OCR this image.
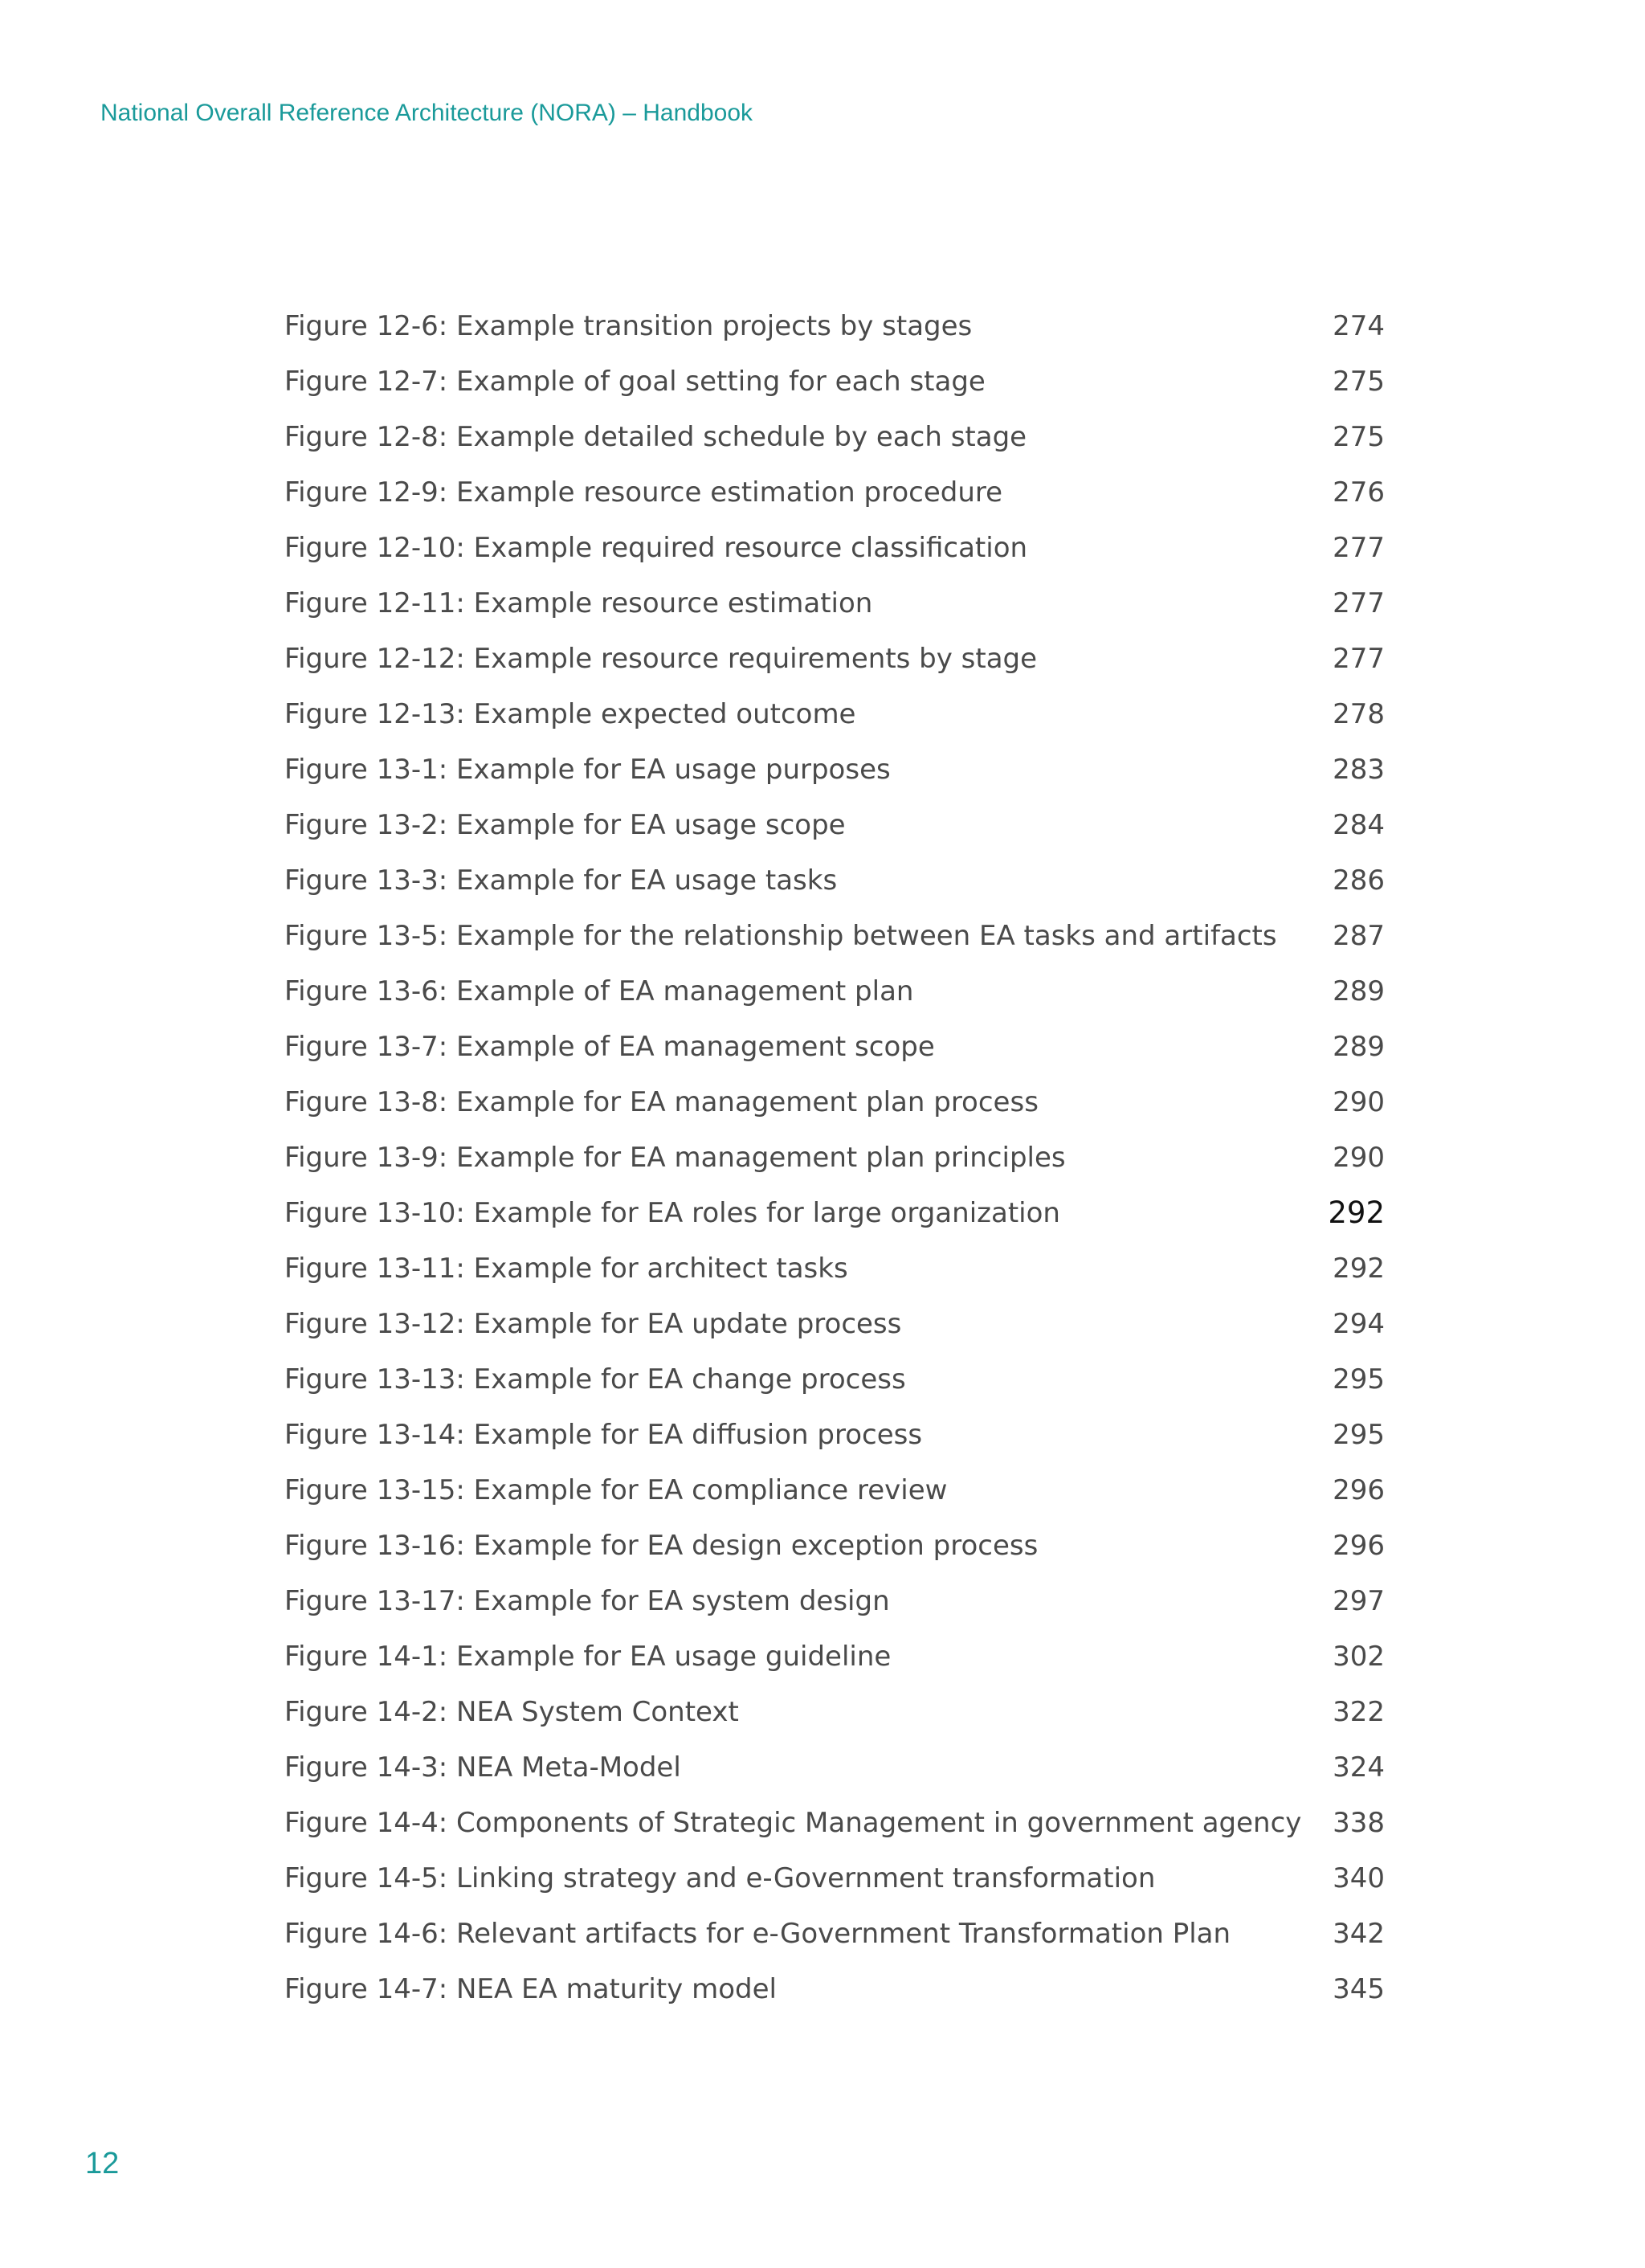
National Overall Reference Architecture (NORA) – Handbook
Figure 12-6: Example transition projects by stages	274
Figure 12-7: Example of goal setting for each stage	275
Figure 12-8: Example detailed schedule by each stage	275
Figure 12-9: Example resource estimation procedure	276
Figure 12-10: Example required resource classification	277
Figure 12-11: Example resource estimation	277
Figure 12-12: Example resource requirements by stage	277
Figure 12-13: Example expected outcome	278
Figure 13-1: Example for EA usage purposes	283
Figure 13-2: Example for EA usage scope	284
Figure 13-3: Example for EA usage tasks	286
Figure 13-5: Example for the relationship between EA tasks and artifacts 287
Figure 13-6: Example of EA management plan	289
Figure 13-7: Example of EA management scope	289
Figure 13-8: Example for EA management plan process	290
Figure 13-9: Example for EA management plan principles	290
Figure 13-10: Example for EA roles for large organization	292
Figure 13-11: Example for architect tasks	292
Figure 13-12: Example for EA update process	294
Figure 13-13: Example for EA change process	295
Figure 13-14: Example for EA diffusion process	295
Figure 13-15: Example for EA compliance review	296
Figure 13-16: Example for EA design exception process	296
Figure 13-17: Example for EA system design	297
Figure 14-1: Example for EA usage guideline	302
Figure 14-2: NEA System Context	322
Figure 14-3: NEA Meta-Model	324
Figure 14-4: Components of Strategic Management in government agency 338
Figure 14-5: Linking strategy and e-Government transformation	340
Figure 14-6: Relevant artifacts for e-Government Transformation Plan	342
Figure 14-7: NEA EA maturity model	345
12
